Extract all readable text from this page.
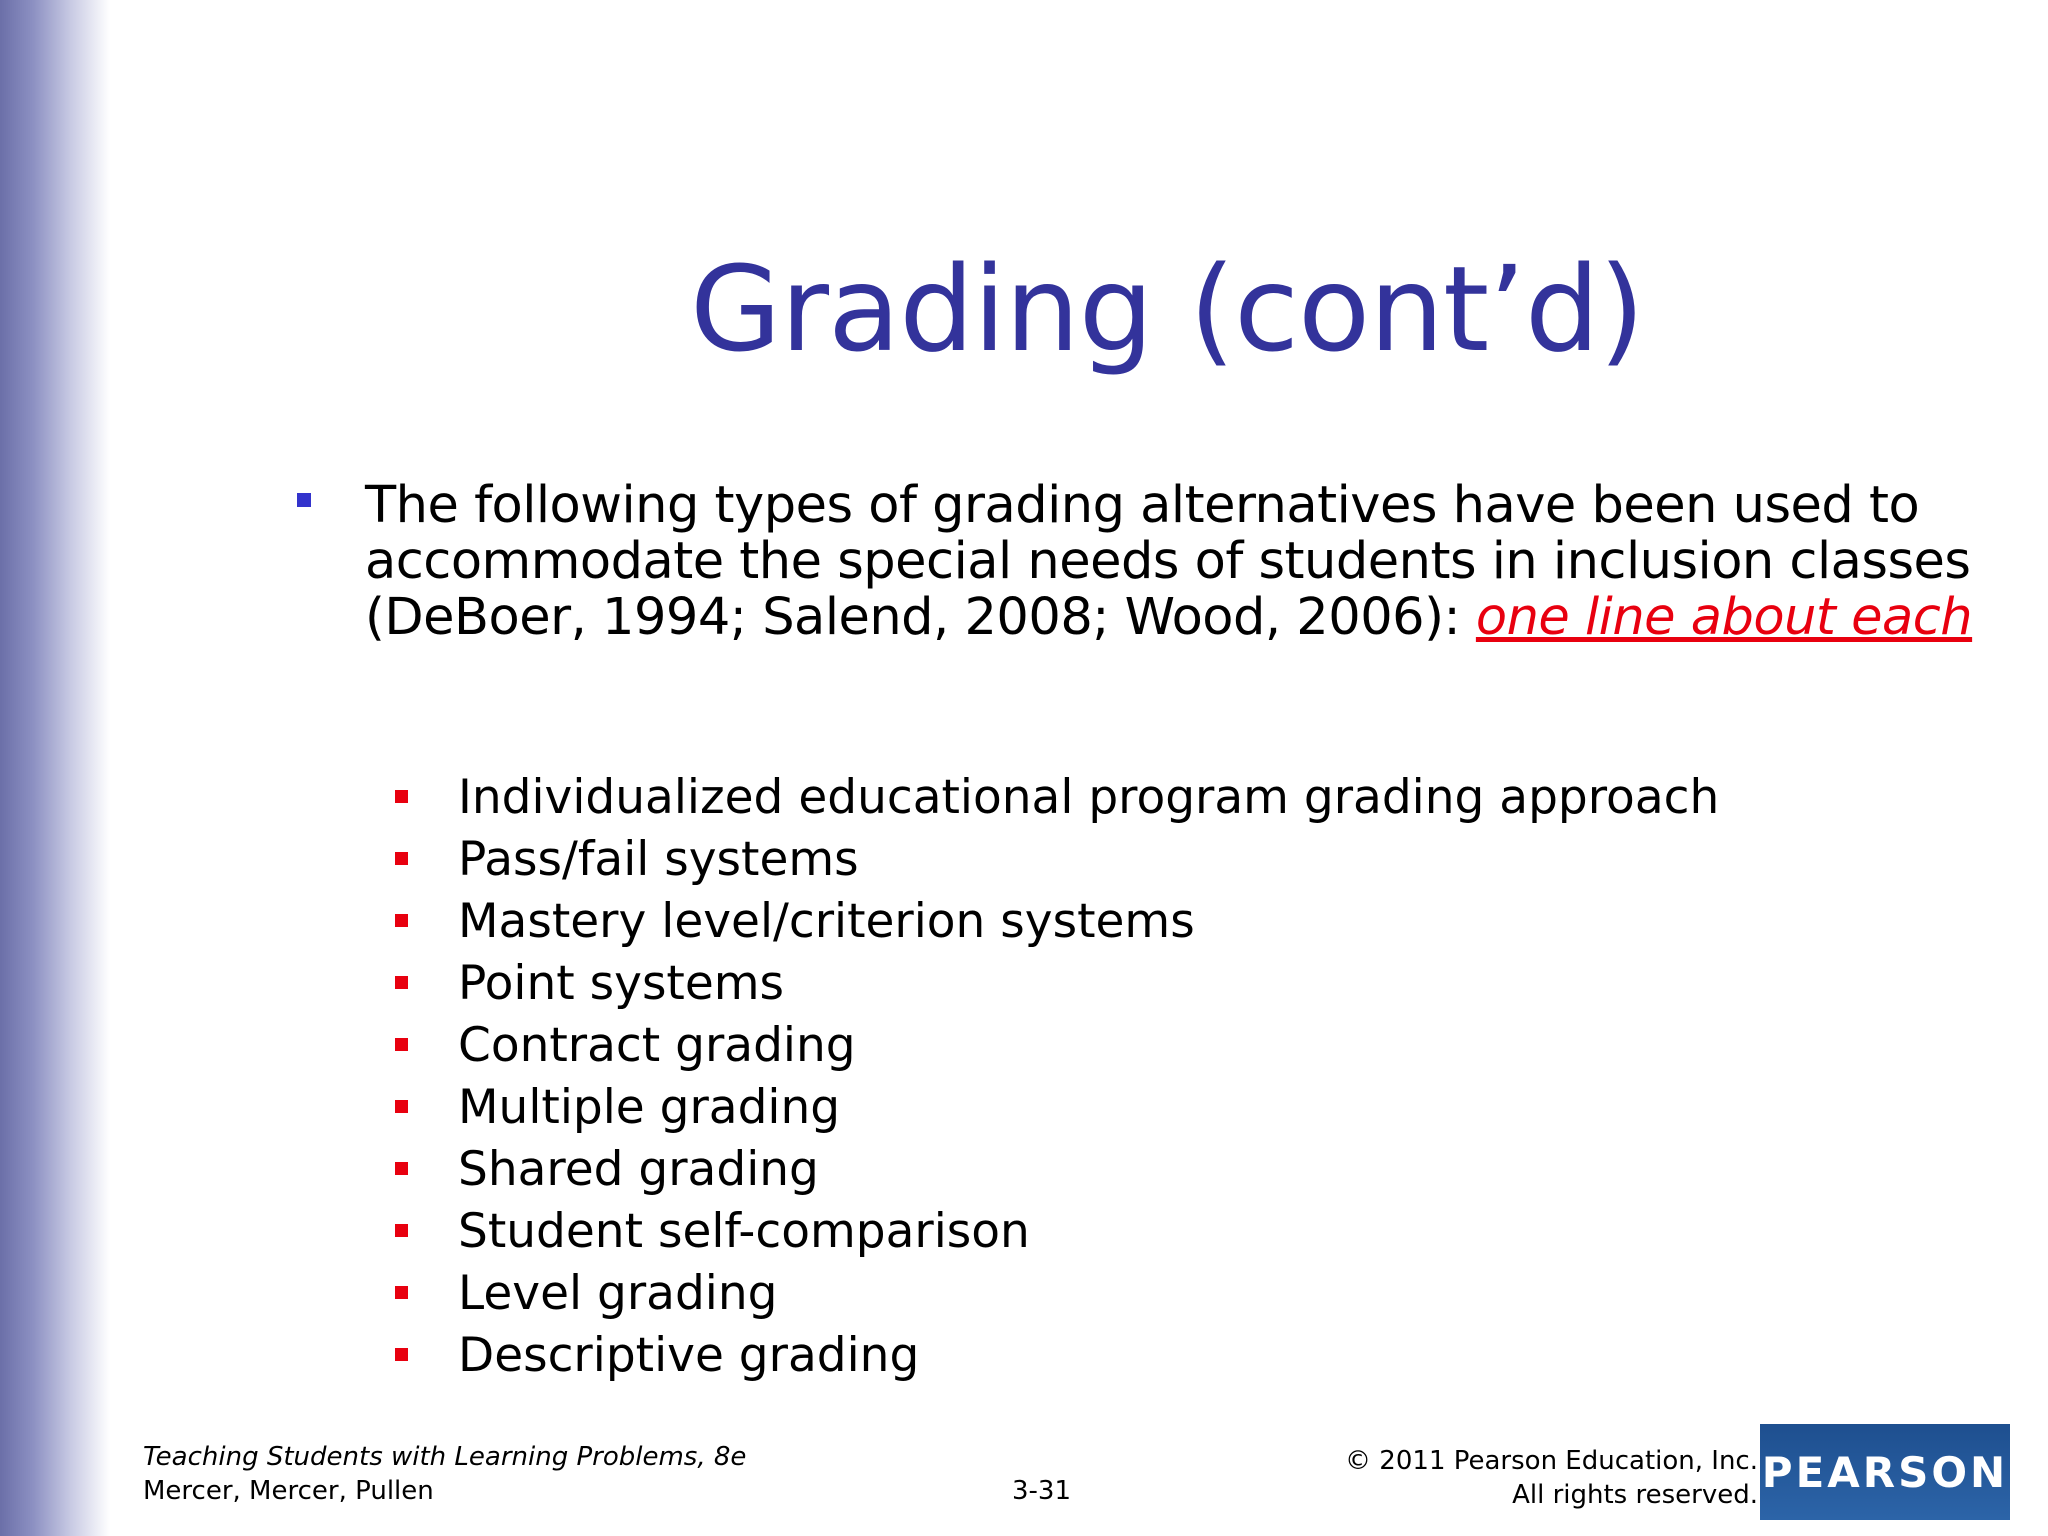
Grading (cont’d)
The following types of grading alternatives have been used to accommodate the special needs of students in inclusion classes (DeBoer, 1994; Salend, 2008; Wood, 2006): one line about each
Individualized educational program grading approach
Pass/fail systems
Mastery level/criterion systems
Point systems
Contract grading
Multiple grading
Shared grading
Student self-comparison
Level grading
Descriptive grading
Teaching Students with Learning Problems, 8e
Mercer, Mercer, Pullen	3-31
© 2011 Pearson Education, Inc.
All rights reserved. PEARSON
